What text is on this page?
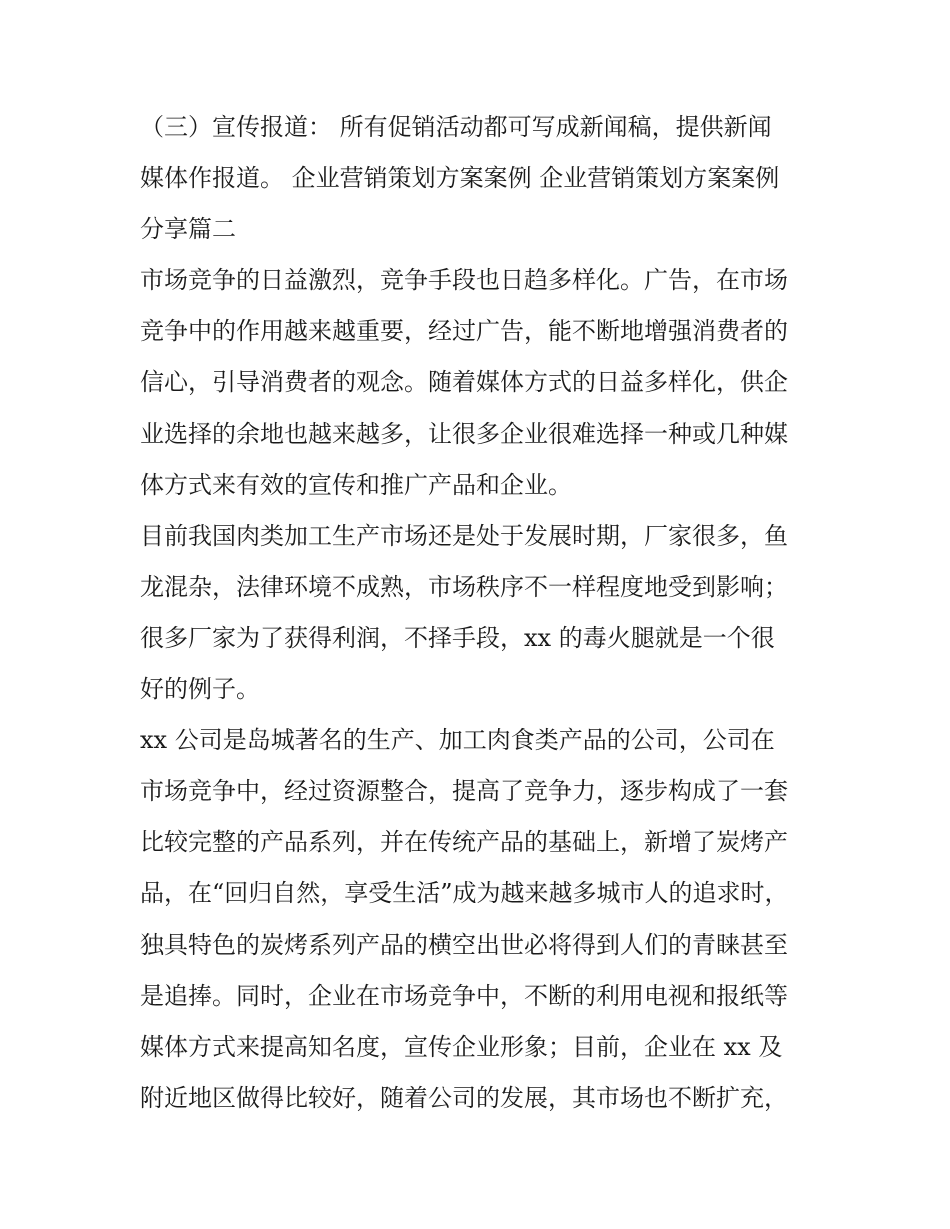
（三）宣传报道： 所有促销活动都可写成新闻稿，提供新闻
媒体作报道。 企业营销策划方案案例 企业营销策划方案案例
分享篇二
市场竞争的日益激烈，竞争手段也日趋多样化。广告，在市场
竞争中的作用越来越重要，经过广告，能不断地增强消费者的
信心，引导消费者的观念。随着媒体方式的日益多样化，供企
业选择的余地也越来越多，让很多企业很难选择一种或几种媒
体方式来有效的宣传和推广产品和企业。
目前我国肉类加工生产市场还是处于发展时期，厂家很多，鱼
龙混杂，法律环境不成熟，市场秩序不一样程度地受到影响；
很多厂家为了获得利润，不择手段，xx 的毒火腿就是一个很
好的例子。
xx 公司是岛城著名的生产、加工肉食类产品的公司，公司在
市场竞争中，经过资源整合，提高了竞争力，逐步构成了一套
比较完整的产品系列，并在传统产品的基础上，新增了炭烤产
品，在“回归自然，享受生活”成为越来越多城市人的追求时，
独具特色的炭烤系列产品的横空出世必将得到人们的青睐甚至
是追捧。同时，企业在市场竞争中，不断的利用电视和报纸等
媒体方式来提高知名度，宣传企业形象；目前，企业在 xx 及
附近地区做得比较好，随着公司的发展，其市场也不断扩充，
